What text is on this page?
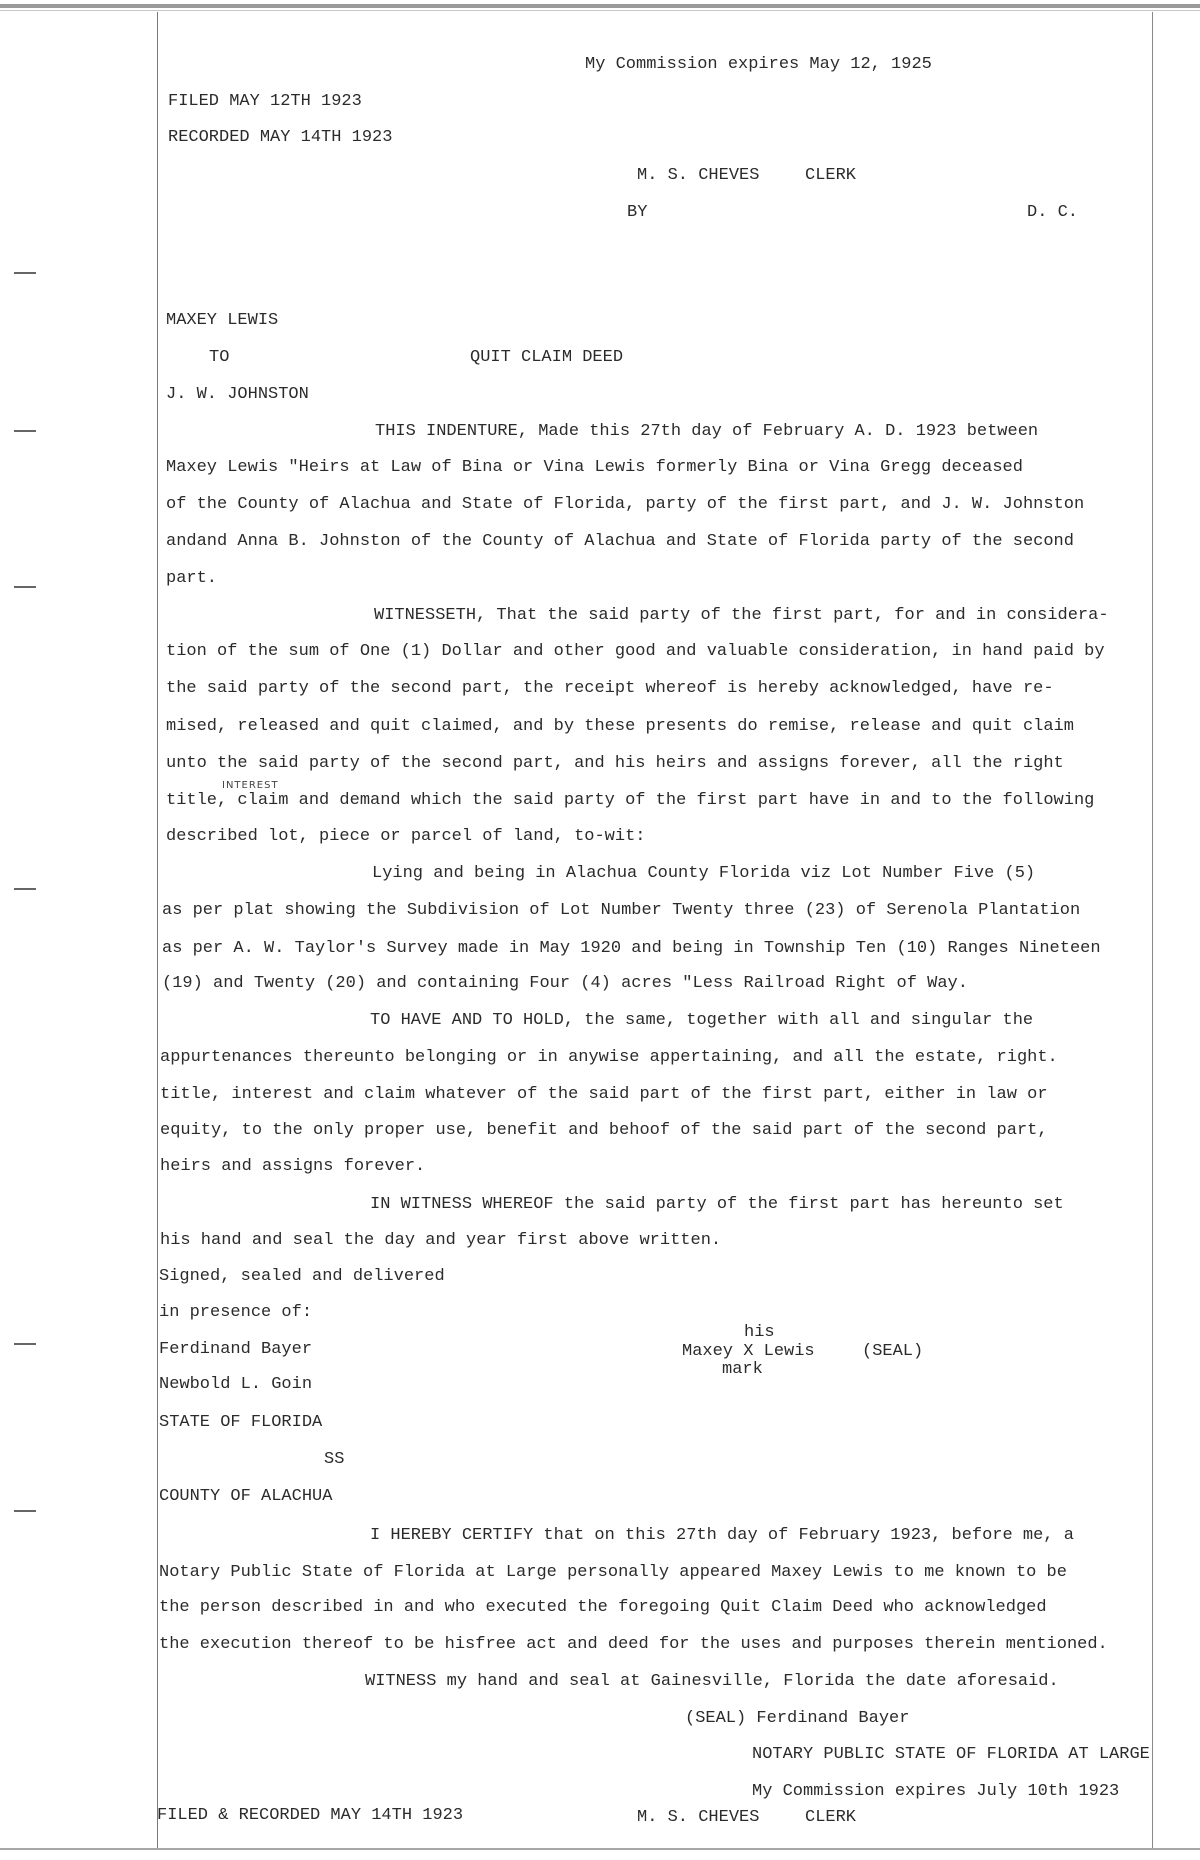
My Commission expires May 12, 1925
FILED MAY 12TH 1923
RECORDED MAY 14TH 1923
M. S. CHEVES	CLERK
BY	D. C.
MAXEY LEWIS
TO	QUIT CLAIM DEED
J. W. JOHNSTON
THIS INDENTURE, Made this 27th day of February A. D. 1923 between
Maxey Lewis "Heirs at Law of Bina or Vina Lewis formerly Bina or Vina Gregg deceased
of the County of Alachua and State of Florida, party of the first part, and J. W. Johnston
andand Anna B. Johnston of the County of Alachua and State of Florida party of the second
part.
WITNESSETH, That the said party of the first part, for and in considera-
tion of the sum of One (1) Dollar and other good and valuable consideration, in hand paid by
the said party of the second part, the receipt whereof is hereby acknowledged, have re-
mised, released and quit claimed, and by these presents do remise, release and quit claim
unto the said party of the second part, and his heirs and assigns forever, all the right
INTEREST
title, claim and demand which the said party of the first part have in and to the following
described lot, piece or parcel of land, to-wit:
Lying and being in Alachua County Florida viz Lot Number Five (5)
as per plat showing the Subdivision of Lot Number Twenty three (23) of Serenola Plantation
as per A. W. Taylor's Survey made in May 1920 and being in Township Ten (10) Ranges Nineteen
(19) and Twenty (20) and containing Four (4) acres "Less Railroad Right of Way.
TO HAVE AND TO HOLD, the same, together with all and singular the
appurtenances thereunto belonging or in anywise appertaining, and all the estate, right.
title, interest and claim whatever of the said part of the first part, either in law or
equity, to the only proper use, benefit and behoof of the said part of the second part,
heirs and assigns forever.
IN WITNESS WHEREOF the said party of the first part has hereunto set
his hand and seal the day and year first above written.
Signed, sealed and delivered
in presence of:
his
Maxey X Lewis	(SEAL)
mark
Ferdinand Bayer
Newbold L. Goin
STATE OF FLORIDA
SS
COUNTY OF ALACHUA
I HEREBY CERTIFY that on this 27th day of February 1923, before me, a
Notary Public State of Florida at Large personally appeared Maxey Lewis to me known to be
the person described in and who executed the foregoing Quit Claim Deed who acknowledged
the execution thereof to be hisfree act and deed for the uses and purposes therein mentioned.
WITNESS my hand and seal at Gainesville, Florida the date aforesaid.
(SEAL) Ferdinand Bayer
NOTARY PUBLIC STATE OF FLORIDA AT LARGE
My Commission expires July 10th 1923
FILED & RECORDED MAY 14TH 1923	M. S. CHEVES	CLERK
